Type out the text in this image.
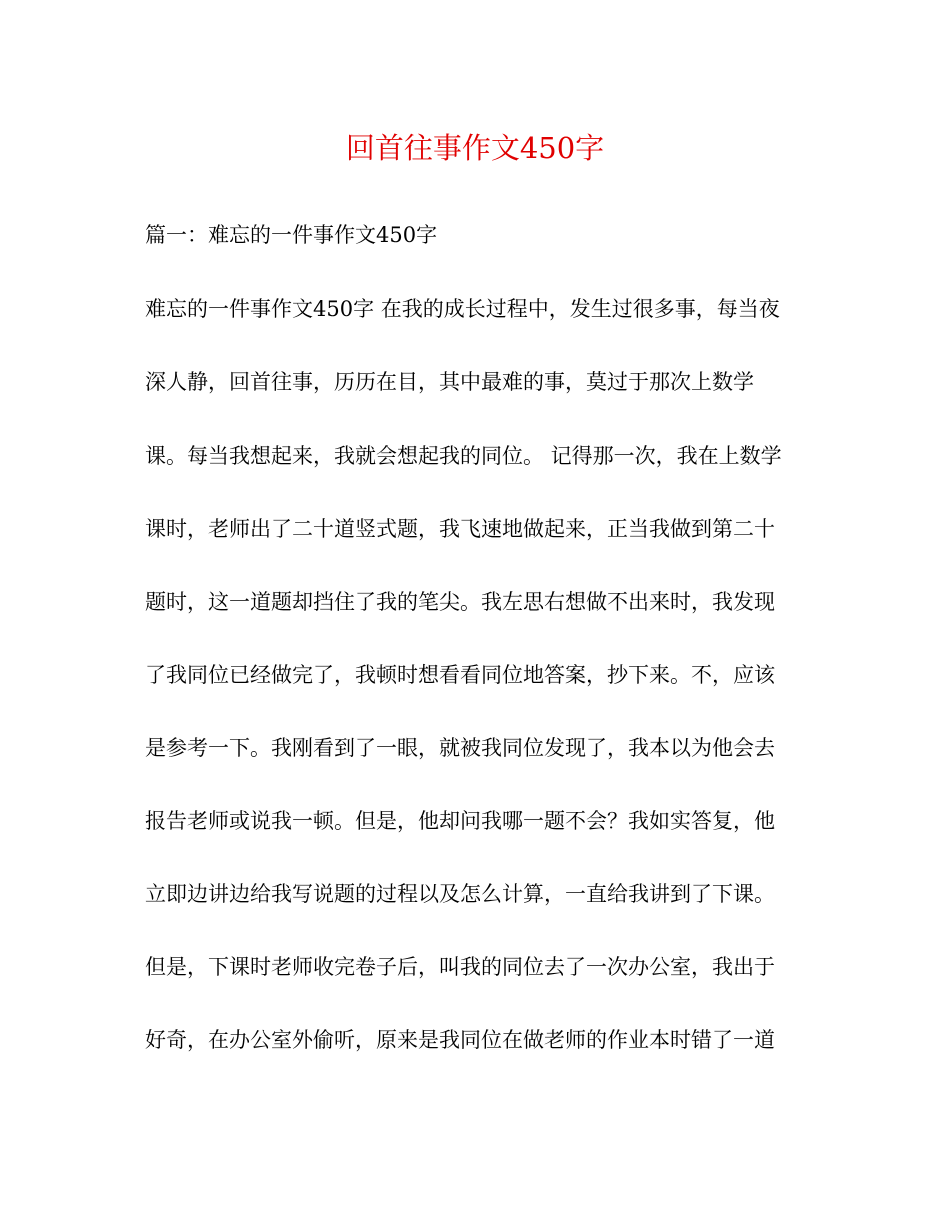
回首往事作文450字
篇一：难忘的一件事作文450字
难忘的一件事作文450字 在我的成长过程中，发生过很多事，每当夜
深人静，回首往事，历历在目，其中最难的事，莫过于那次上数学
课。每当我想起来，我就会想起我的同位。 记得那一次，我在上数学
课时，老师出了二十道竖式题，我飞速地做起来，正当我做到第二十
题时，这一道题却挡住了我的笔尖。我左思右想做不出来时，我发现
了我同位已经做完了，我顿时想看看同位地答案，抄下来。不，应该
是参考一下。我刚看到了一眼，就被我同位发现了，我本以为他会去
报告老师或说我一顿。但是，他却问我哪一题不会？我如实答复，他
立即边讲边给我写说题的过程以及怎么计算，一直给我讲到了下课。
但是，下课时老师收完卷子后，叫我的同位去了一次办公室，我出于
好奇，在办公室外偷听，原来是我同位在做老师的作业本时错了一道
